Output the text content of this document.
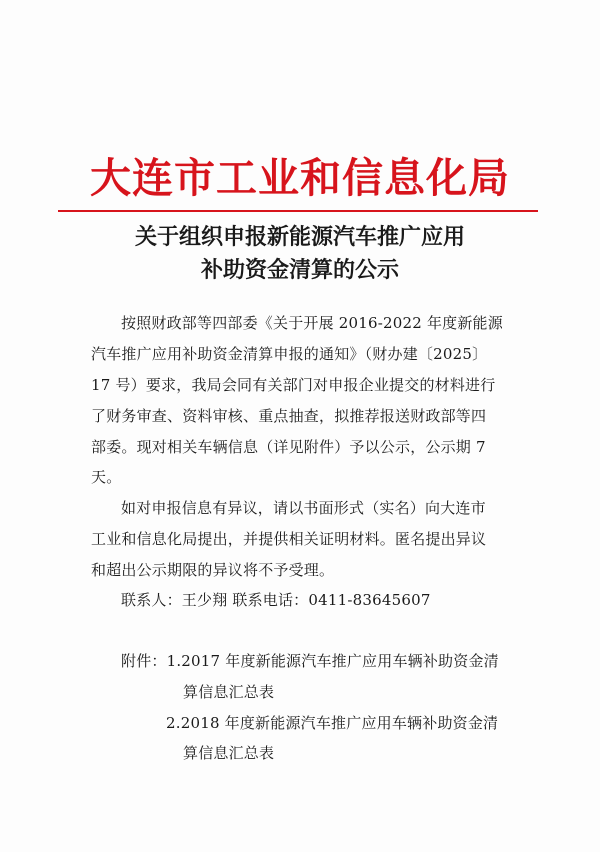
大连市工业和信息化局
关于组织申报新能源汽车推广应用
补助资金清算的公示
按照财政部等四部委《关于开展 2016-2022 年度新能源
汽车推广应用补助资金清算申报的通知》（财办建〔2025〕
17 号）要求，我局会同有关部门对申报企业提交的材料进行
了财务审查、资料审核、重点抽查，拟推荐报送财政部等四
部委。现对相关车辆信息（详见附件）予以公示，公示期 7
天。
如对申报信息有异议，请以书面形式（实名）向大连市
工业和信息化局提出，并提供相关证明材料。匿名提出异议
和超出公示期限的异议将不予受理。
联系人：王少翔 联系电话：0411-83645607
附件：1.2017 年度新能源汽车推广应用车辆补助资金清
算信息汇总表
2.2018 年度新能源汽车推广应用车辆补助资金清
算信息汇总表
